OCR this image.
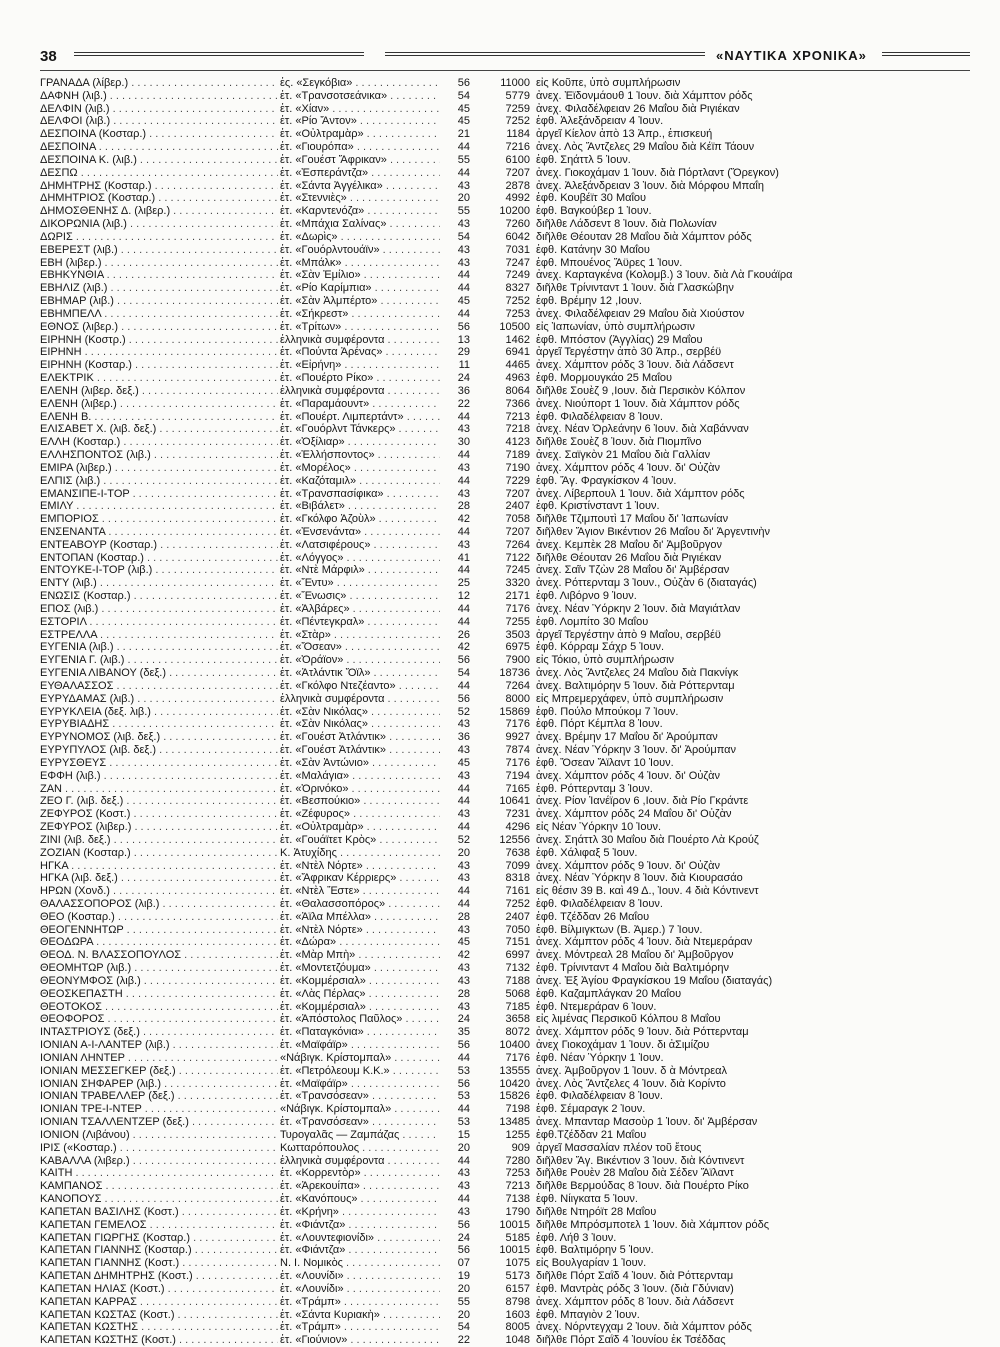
38	«ΝΑΥΤΙΚΑ ΧΡΟΝΙΚΑ»
ΓΡΑΝΑΔΑ (λίβερ.) . . .	ἐς. «Σεγκόβια» . . .	56	11000 εἰς Κοῦπε, ὑπὸ συμπλήρωσιν
ΔΑΦΝΗ (λιβ.) . . .	ἐτ. «Τρανσοτσεάνικα» . . .	54	5779 ἀνεχ. Ἐϊδονμάουθ 1 Ἰουν. διὰ Χάμπτον ρόδς
ΔΕΛΦΙΝ (λιβ.) . . .	ἐτ. «Χίαν» . . .	45	7259 ἀνεχ. Φιλαδέλφειαν 26 Μαΐου διὰ Ριγιέκαν
ΔΕΛΦΟΙ (λιβ.) . . .	ἐτ. «Ρίο Ἄντον» . . .	45	7252 ἐφθ. Ἀλεξάνδρειαν 4 Ἰουν.
ΔΕΣΠΟΙΝΑ (Κοσταρ.) . . .	ἐτ. «Οὐλτραμὰρ» . . .	21	1184 ἀργεῖ Κίελον ἀπὸ 13 Ἀπρ., ἐπισκευή
ΔΕΣΠΟΙΝΑ . . .	ἐτ. «Γιουρόπα» . . .	44	7216 ἀνεχ. Λὸς Ἄντζελες 29 Μαΐου διὰ Κέϊπ Τάουν
ΔΕΣΠΟΙΝΑ Κ. (λιβ.) . . .	ἐτ. «Γουέστ Ἄφρικαν» . . .	55	6100 ἐφθ. Σηάττλ 5 Ἰουν.
ΔΕΣΠΩ . . .	ἐτ. «Ἐσπεράντζα» . . .	44	7207 ἀνεχ. Γιοκοχάμαν 1 Ἰουν. διὰ Πόρτλαντ (Ὄρεγκον)
ΔΗΜΗΤΡΗΣ (Κοσταρ.) . . .	ἐτ. «Σάντα Ἀγγέλικα» . . .	43	2878 ἀνεχ. Ἀλεξάνδρειαν 3 Ἰουν. διὰ Μόρφου Μπαΐη
ΔΗΜΗΤΡΙΟΣ (Κοσταρ.) . . .	ἐτ. «Στεννιὲς» . . .	20	4992 ἐφθ. Κουβέϊτ 30 Μαΐου
ΔΗΜΟΣΘΕΝΗΣ Δ. (λιβερ.) . . .	ἐτ. «Καρντενόζα» . . .	55	10200 ἐφθ. Βαγκούβερ 1 Ἰουν.
ΔΙΚΟΡΩΝΙΑ (λιβ.) . . .	ἐτ. «Μπάχια Σαλίνας» . . .	43	7260 διῆλθε Λάδσεντ 8 Ἰουν. διὰ Πολωνίαν
ΔΩΡΙΣ . . .	ἐτ. «Δωρὶς» . . .	54	6042 διῆλθε Θέουταν 28 Μαΐου διὰ Χάμπτον ρόδς
ΕΒΕΡΕΣΤ (λιβ.) . . .	ἐτ. «Γουόρλντουάϊν» . . .	43	7031 ἐφθ. Κατάνην 30 Μαΐου
ΕΒΗ (λιβερ.) . . .	ἐτ. «Μπάλκ» . . .	43	7247 ἐφθ. Μπουένος Ἄϋρες 1 Ἰουν.
ΕΒΗΚΥΝΘΙΑ . . .	ἐτ. «Σὰν Ἐμίλιο» . . .	44	7249 ἀνεχ. Καρταγκένα (Κολομβ.) 3 Ἰουν. διὰ Λὰ Γκουάϊρα
ΕΒΗΛΙΖ (λιβ.) . . .	ἐτ. «Ρίο Καρίμπια» . . .	44	8327 διῆλθε Τρίνινταντ 1 Ἰουν. διὰ Γλασκώβην
ΕΒΗΜΑΡ (λιβ.) . . .	ἐτ. «Σὰν Ἀλμπέρτο» . . .	45	7252 ἐφθ. Βρέμην 12 ,Ιουν.
ΕΒΗΜΠΕΛΛ . . .	ἐτ. «Σήκρεστ» . . .	44	7253 ἀνεχ. Φιλαδέλφειαν 29 Μαΐου διὰ Χιούστον
ΕΘΝΟΣ (λιβερ.) . . .	ἐτ. «Τρίτων» . . .	56	10500 εἰς Ἰαπωνίαν, ὑπὸ συμπλήρωσιν
ΕΙΡΗΝΗ (Κοστρ.) . . .	ἑλληνικὰ συμφέροντα . . .	13	1462 ἐφθ. Μπόστον (Ἀγγλίας) 29 Μαΐου
ΕΙΡΗΝΗ . . .	ἐτ. «Πούντα Ἀρένας» . . .	29	6941 ἀργεῖ Τεργέστην ἀπὸ 30 Ἀπρ., σερβέϋ
ΕΙΡΗΝΗ (Κοσταρ.) . . .	ἐτ. «Εἰρήνη» . . .	11	4465 ἀνεχ. Χάμπτον ρόδς 3 Ἰουν. διὰ Λάδσεντ
ΕΛΕΚΤΡΙΚ . . .	ἐτ. «Πουέρτο Ρίκο» . . .	24	4963 ἐφθ. Μορμουγκάο 25 Μαΐου
ΕΛΕΝΗ (λιβερ. δεξ.) . . .	ἑλληνικὰ συμφέροντα . . .	36	8064 διῆλθε Σουὲζ 9 ,Ιουν. διὰ Περσικὸν Κόλπον
ΕΛΕΝΗ (λιβερ.) . . .	ἐτ. «Παραμάουντ» . . .	22	7366 ἀνεχ. Νιούπορτ 1 Ἰουν. διὰ Χάμπτον ρόδς
ΕΛΕΝΗ Β. . . .	ἐτ. «Πουέρτ. Λιμπερτάντ» . . .	44	7213 ἐφθ. Φιλαδέλφειαν 8 Ἰουν.
ΕΛΙΣΑΒΕΤ Χ. (λιβ. δεξ.) . . .	ἐτ. «Γουόρλντ Τάνκερς» . . .	43	7218 ἀνεχ. Νέαν Ὀρλεάνην 6 Ἰουν. διὰ Χαβάνναν
ΕΛΛΗ (Κοσταρ.) . . .	ἐτ. «Ὀξίλιαρ» . . .	30	4123 διῆλθε Σουὲζ 8 Ἰουν. διὰ Πιομπῖνο
ΕΛΛΗΣΠΟΝΤΟΣ (λιβ.) . . .	ἐτ. «Ἑλλήσποντος» . . .	44	7189 ἀνεχ. Σαϊγκὸν 21 Μαΐου διὰ Γαλλίαν
ΕΜΙΡΑ (λιβερ.) . . .	ἐτ. «Μορέλος» . . .	43	7190 ἀνεχ. Χάμπτον ρόδς 4 Ἰουν. δι' Οὐζὰν
ΕΛΠΙΣ (λιβ.) . . .	ἐτ. «Καζόταμιλ» . . .	44	7229 ἐφθ. Ἅγ. Φραγκίσκον 4 Ἰουν.
ΕΜΑΝΣΙΠΕ-Ι-ΤΟΡ . . .	ἐτ. «Τρανσπασίφικα» . . .	43	7207 ἀνεχ. Λίβερπουλ 1 Ἰουν. διὰ Χάμπτον ρόδς
ΕΜΙΛΥ . . .	ἐτ. «Βιβάλετ» . . .	28	2407 ἐφθ. Κριστίνσταντ 1 Ἰουν.
ΕΜΠΟΡΙΟΣ . . .	ἐτ. «Γκόλφο Ἀζοὺλ» . . .	42	7058 διῆλθε Τζιμπουτὶ 17 Μαΐου δι' Ἰαπωνίαν
ΕΝΣΕΝΑΝΤΑ . . .	ἐτ. «Ἐνσενάντα» . . .	44	7207 διῆλθεν Ἅγιον Βικέντιον 26 Μαΐου δι' Ἀργεντινὴν
ΕΝΤΕΑΒΟΥΡ (Κοσταρ.) . . .	ἐτ. «Λατσιφέρους» . . .	43	7264 ἀνεχ. Κεμπὲκ 28 Μαΐου δι' Ἀμβοῦργον
ΕΝΤΟΠΑΝ (Κοσταρ.) . . .	ἐτ. «Λόγγος» . . .	41	7122 διῆλθε Θέουταν 26 Μαΐου διὰ Ριγιέκαν
ΕΝΤΟΥΚΕ-Ι-ΤΟΡ (λιβ.) . . .	ἐτ. «Ντὲ Μάρφιλ» . . .	44	7245 ἀνεχ. Σαῖν Τζὼν 28 Μαΐου δι' Ἀμβέρσαν
ΕΝΤΥ (λιβ.) . . .	ἐτ. «Ἔντυ» . . .	25	3320 ἀνεχ. Ρόττερνταμ 3 Ἰουν., Οὐζὰν 6 (διαταγάς)
ΕΝΩΣΙΣ (Κοσταρ.) . . .	ἐτ. «Ἕνωσις» . . .	12	2171 ἐφθ. Λιβόρνο 9 Ἰουν.
ΕΠΟΣ (λιβ.) . . .	ἐτ. «Ἀλβάρες» . . .	44	7176 ἀνεχ. Νέαν Ὑόρκην 2 Ἰουν. διὰ Μαγιάτλαν
ΕΣΤΟΡΙΛ . . .	ἐτ. «Πέντεγκραλ» . . .	44	7255 ἐφθ. Λομπίτο 30 Μαΐου
ΕΣΤΡΕΛΛΑ . . .	ἐτ. «Στὰρ» . . .	26	3503 ἀργεῖ Τεργέστην ἀπὸ 9 Μαΐου, σερβέϋ
ΕΥΓΕΝΙΑ (λιβ.) . . .	ἐτ. «Ὄσεαν» . . .	42	6975 ἐφθ. Κόρραμ Σάχρ 5 Ἰουν.
ΕΥΓΕΝΙΑ Γ. (λιβ.) . . .	ἐτ. «Ὀράϊον» . . .	56	7900 εἰς Τόκιο, ὑπὸ συμπλήρωσιν
ΕΥΓΕΝΙΑ ΛΙΒΑΝΟΥ (δεξ.) . . .	ἐτ. «Ἀτλάντικ Ὄϊλ» . . .	54	18736 ἀνεχ. Λὸς Ἄντζελες 24 Μαΐου διὰ Πακνίγκ
ΕΥΘΑΛΑΣΣΟΣ . . .	ἐτ. «Γκόλφο Ντεζέαντο» . . .	44	7264 ἀνεχ. Βαλτιμόρην 5 Ἰουν. διὰ Ρόττερνταμ
ΕΥΡΥΔΑΜΑΣ (λιβ.) . . .	ἑλληνικὰ συμφέροντα . . .	56	8000 εἰς Μπρεμερχάφεν, ὑπὸ συμπλήρωσιν
ΕΥΡΥΚΛΕΙΑ (δεξ. λιβ.) . . .	ἐτ. «Σὰν Νικόλας» . . .	52	15869 ἐφθ. Πούλο Μπούκομ 7 Ἰουν.
ΕΥΡΥΒΙΑΔΗΣ . . .	ἐτ. «Σὰν Νικόλας» . . .	43	7176 ἐφθ. Πόρτ Κέμπλα 8 Ἰουν.
ΕΥΡΥΝΟΜΟΣ (λιβ. δεξ.) . . .	ἐτ. «Γουέστ Ἀτλάντικ» . . .	36	9927 ἀνεχ. Βρέμην 17 Μαΐου δι' Ἀρούμπαν
ΕΥΡΥΠΥΛΟΣ (λιβ. δεξ.) . . .	ἐτ. «Γουέστ Ἀτλάντικ» . . .	43	7874 ἀνεχ. Νέαν Ὑόρκην 3 Ἰουν. δι' Ἀρούμπαν
ΕΥΡΥΣΘΕΥΣ . . .	ἐτ. «Σὰν Ἀντώνιο» . . .	45	7176 ἐφθ. Ὄσεαν Ἄϊλαντ 10 Ἰουν.
ΕΦΦΗ (λιβ.) . . .	ἐτ. «Μαλάγια» . . .	43	7194 ἀνεχ. Χάμπτον ρόδς 4 Ἰουν. δι' Οὐζὰν
ΖΑΝ . . .	ἐτ. «Ὀρινόκο» . . .	44	7165 ἐφθ. Ρόττερνταμ 3 Ἰουν.
ΖΕΟ Γ. (λιβ. δεξ.) . . .	ἐτ. «Βεσπούκιο» . . .	44	10641 ἀνεχ. Ρίον Ἰανέϊρον 6 ,Ιουν. διὰ Ρίο Γκράντε
ΖΕΦΥΡΟΣ (Κοστ.) . . .	ἐτ. «Ζέφυρος» . . .	43	7231 ἀνεχ. Χάμπτον ρόδς 24 Μαΐου δι' Οὐζὰν
ΖΕΦΥΡΟΣ (λιβερ.) . . .	ἐτ. «Οὐλτραμὰρ» . . .	44	4296 εἰς Νέαν Ὑόρκην 10 Ἰουν.
ΖΙΝΙ (λιβ. δεξ.) . . .	ἐτ. «Γουάϊτετ Κρὸς» . . .	52	12556 ἀνεχ. Σηάττλ 30 Μαΐου διὰ Πουέρτο Λὰ Κρούζ
ΖΟΖΙΑΝ (Κοσταρ.) . . .	Κ. Ἀτυχίδης . . .	20	7638 ἐφθ. Χάλιφαξ 5 Ἰουν.
ΗΓΚΑ . . .	ἐτ. «Ντὲλ Νόρτε» . . .	43	7099 ἀνεχ. Χάμπτον ρόδς 9 Ἰουν. δι' Οὐζὰν
ΗΓΚΑ (λιβ. δεξ.) . . .	ἐτ. «Ἄφρικαν Κέρριερς» . . .	43	8318 ἀνεχ. Νέαν Ὑόρκην 8 Ἰουν. διὰ Κιουρασάο
ΗΡΩΝ (Χονδ.) . . .	ἐτ. «Ντὲλ Ἔστε» . . .	44	7161 εἰς θέσιν 39 Β. καὶ 49 Δ., Ἰουν. 4 διὰ Κόντινεντ
ΘΑΛΑΣΣΟΠΟΡΟΣ (λιβ.) . . .	ἐτ. «Θαλασσοπόρος» . . .	44	7252 ἐφθ. Φιλαδέλφειαν 8 Ἰουν.
ΘΕΟ (Κοσταρ.) . . .	ἐτ. «Ἀϊλα Μπέλλα» . . .	28	2407 ἐφθ. Τζέδδαν 26 Μαΐου
ΘΕΟΓΕΝΝΗΤΩΡ . . .	ἐτ. «Ντὲλ Νόρτε» . . .	43	7050 ἐφθ. Βίλμιγκτων (Β. Ἀμερ.) 7 Ἰουν.
ΘΕΟΔΩΡΑ . . .	ἐτ. «Δώρα» . . .	45	7151 ἀνεχ. Χάμπτον ρόδς 4 Ἰουν. διὰ Ντεμεράραν
ΘΕΟΔ. Ν. ΒΛΑΣΣΟΠΟΥΛΟΣ . . .	ἐτ. «Μὰρ Μπὴ» . . .	42	6997 ἀνεχ. Μόντρεαλ 28 Μαΐου δι' Ἀμβοῦργον
ΘΕΟΜΗΤΩΡ (λιβ.) . . .	ἐτ. «Μοντετζόυμα» . . .	43	7132 ἐφθ. Τρίνινταντ 4 Μαΐου διὰ Βαλτιμόρην
ΘΕΟΝΥΜΦΟΣ (λιβ.) . . .	ἐτ. «Κομμέρσιαλ» . . .	43	7188 ἀνεχ. Ἐξ Ἁγίου Φραγκίσκου 19 Μαΐου (διαταγάς)
ΘΕΟΣΚΕΠΑΣΤΗ . . .	ἐτ. «Λὰς Πέρλας» . . .	28	5068 ἐφθ. Καζαμπλάγκαν 20 Μαΐου
ΘΕΟΤΟΚΟΣ . . .	ἐτ. «Κομμέρσιαλ» . . .	43	7185 ἐφθ. Ντεμεράραν 6 Ἰουν.
ΘΕΟΦΟΡΟΣ . . .	ἐτ. «Ἀπόστολος Παῦλος» . . .	24	3658 εἰς λιμένας Περσικοῦ Κόλπου 8 Μαΐου
ΙΝΤΑΣΤΡΙΟΥΣ (δεξ.) . . .	ἐτ. «Παταγκόνια» . . .	35	8072 ἀνεχ. Χάμπτον ρόδς 9 Ἰουν. διὰ Ρόττερνταμ
ΙΟΝΙΑΝ Α-Ι-ΛΑΝΤΕΡ (λιβ.) . . .	ἐτ. «Μαϊφάϊρ» . . .	56	10400 ἀνεχ Γιοκοχάμαν 1 Ἰουν. δι ἀΣιμίζου
ΙΟΝΙΑΝ ΛΗΝΤΕΡ . . .	«Νάβιγκ. Κρίστομπαλ» . . .	44	7176 ἐφθ. Νέαν Ὑόρκην 1 Ἰουν.
ΙΟΝΙΑΝ ΜΕΣΣΕΓΚΕΡ (δεξ.) . . .	ἐτ. «Πετρόλεουμ Κ.Κ.» . . .	53	13555 ἀνεχ. Ἀμβοῦργον 1 Ἰουν. δ ὰ Μόντρεαλ
ΙΟΝΙΑΝ ΣΗΦΑΡΕΡ (λιβ.) . . .	ἐτ. «Μαϊφάϊρ» . . .	56	10420 ἀνεχ. Λὸς Ἄντζελες 4 Ἰουν. διὰ Κορίντο
ΙΟΝΙΑΝ ΤΡΑΒΕΛΛΕΡ (δεξ.) . . .	ἐτ. «Τρανσόσεαν» . . .	53	15826 ἐφθ. Φιλαδέλφειαν 8 Ἰουν.
ΙΟΝΙΑΝ ΤΡΕ-Ι-ΝΤΕΡ . . .	«Νάβιγκ. Κρίστομπαλ» . . .	44	7198 ἐφθ. Σέμαραγκ 2 Ἰουν.
ΙΟΝΙΑΝ ΤΣΑΛΛΕΝΤΖΕΡ (δεξ.) . . .	ἐτ. «Τρανσόσεαν» . . .	53	13485 ἀνεχ. Μπανταρ Μασοὺρ 1 Ἰουν. δι' Ἀμβέρσαν
ΙΟΝΙΟΝ (Λιβάνου) . . .	Τυρογαλᾶς — Ζαμπάζας . . .	15	1255 ἐφθ.Τζέδδαν 21 Μαΐου
ΙΡΙΣ («Κοσταρ.) . . .	Κωτταρόπουλος . . .	20	909 ἀργεῖ Μασσαλίαν πλέον τοῦ ἔτους
ΚΑΒΑΛΛΑ (λιβερ.) . . .	ἑλληνικὰ συμφέροντα . . .	44	7280 διῆλθεν Ἅγ. Βικέντιον 3 Ἰουν. διὰ Κόντινεντ
ΚΑΙΤΗ . . .	ἐτ. «Κορρεντὸρ» . . .	43	7253 διῆλθε Ρουὲν 28 Μαΐου διὰ Σέδεν Ἄϊλαντ
ΚΑΜΠΑΝΟΣ . . .	ἐτ. «Ἀρεκουίπα» . . .	43	7213 διῆλθε Βερμούδας 8 Ἰουν. διὰ Πουέρτο Ρίκο
ΚΑΝΟΠΟΥΣ . . .	ἐτ. «Κανόπους» . . .	44	7138 ἐφθ. Νίιγκατα 5 Ἰουν.
ΚΑΠΕΤΑΝ ΒΑΣΙΛΗΣ (Κοστ.) . . .	ἐτ. «Κρήνη» . . .	43	1790 διῆλθε Ντηρόϊτ 28 Μαΐου
ΚΑΠΕΤΑΝ ΓΕΜΕΛΟΣ . . .	ἐτ. «Φιάντζα» . . .	56	10015 διῆλθε Μπρόσμποτελ 1 Ἰουν. διὰ Χάμπτον ρόδς
ΚΑΠΕΤΑΝ ΓΙΩΡΓΗΣ (Κοσταρ.) . . .	ἐτ. «Λουντεφιονίδι» . . .	24	5185 ἐφθ. Λήθ 3 Ἰουν.
ΚΑΠΕΤΑΝ ΓΙΑΝΝΗΣ (Κοσταρ.) . . .	ἐτ. «Φιάντζα» . . .	56	10015 ἐφθ. Βαλτιμόρην 5 Ἰουν.
ΚΑΠΕΤΑΝ ΓΙΑΝΝΗΣ (Κοστ.) . . .	Ν. Ι. Νομικὸς . . .	07	1075 εἰς Βουλγαρίαν 1 Ἰουν.
ΚΑΠΕΤΑΝ ΔΗΜΗΤΡΗΣ (Κοστ.) . . .	ἐτ. «Λουνίδι» . . .	19	5173 διῆλθε Πόρτ Σαῒδ 4 Ἰουν. διὰ Ρόττερνταμ
ΚΑΠΕΤΑΝ ΗΛΙΑΣ (Κοστ.) . . .	ἐτ. «Λουνίδι» . . .	20	6157 ἐφθ. Μαντρὰς ρόδς 3 Ἰουν. (διὰ Γδύνιαν)
ΚΑΠΕΤΑΝ ΚΑΡΡΑΣ . . .	ἐτ. «Τράμπ» . . .	55	8798 ἀνεχ. Χάμπτον ρόδς 8 Ἰουν. διὰ Λάδσεντ
ΚΑΠΕΤΑΝ ΚΩΣΤΑΣ (Κοστ.) . . .	ἐτ. «Σάντα Κυριακὴ» . . .	20	1603 ἐφθ. Μπαγιὸν 2 Ἰουν.
ΚΑΠΕΤΑΝ ΚΩΣΤΗΣ . . .	ἐτ. «Τράμπ» . . .	54	8005 ἀνεχ. Νόρντεγχαμ 2 Ἰουν. διὰ Χάμπτον ρόδς
ΚΑΠΕΤΑΝ ΚΩΣΤΗΣ (Κοστ.) . . .	ἐτ. «Γιούνιον» . . .	22	1048 διῆλθε Πόρτ Σαῒδ 4 Ἰουνίου ἐκ Τσέδδας
